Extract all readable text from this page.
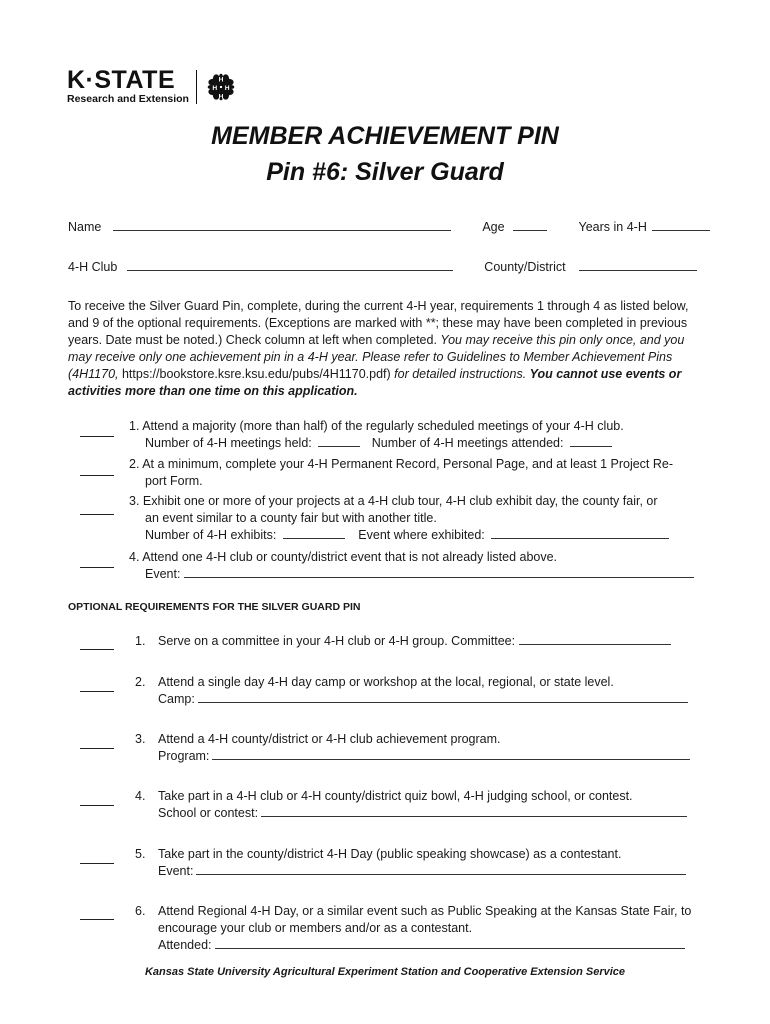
K·STATE
Research and Extension
H
H
H
H
MEMBER ACHIEVEMENT PIN
Pin #6: Silver Guard
Name	Age	Years in 4-H
4-H Club	County/District
To receive the Silver Guard Pin, complete, during the current 4-H year, requirements 1 through 4 as listed below, and 9 of the optional requirements. (Exceptions are marked with **; these may have been completed in previous years. Date must be noted.) Check column at left when completed. You may receive this pin only once, and you may receive only one achievement pin in a 4-H year. Please refer to Guidelines to Member Achievement Pins (4H1170, https://bookstore.ksre.ksu.edu/pubs/4H1170.pdf) for detailed instructions. You cannot use events or activities more than one time on this application.
1. Attend a majority (more than half) of the regularly scheduled meetings of your 4-H club.
Number of 4-H meetings held:	Number of 4-H meetings attended:
2. At a minimum, complete your 4-H Permanent Record, Personal Page, and at least 1 Project Re-
port Form.
3. Exhibit one or more of your projects at a 4-H club tour, 4-H club exhibit day, the county fair, or
an event similar to a county fair but with another title.
Number of 4-H exhibits:	Event where exhibited:
4. Attend one 4-H club or county/district event that is not already listed above.
Event:
OPTIONAL REQUIREMENTS FOR THE SILVER GUARD PIN
1. Serve on a committee in your 4-H club or 4-H group. Committee:
2. Attend a single day 4-H day camp or workshop at the local, regional, or state level.
Camp:
3. Attend a 4-H county/district or 4-H club achievement program.
Program:
4. Take part in a 4-H club or 4-H county/district quiz bowl, 4-H judging school, or contest.
School or contest:
5. Take part in the county/district 4-H Day (public speaking showcase) as a contestant.
Event:
6. Attend Regional 4-H Day, or a similar event such as Public Speaking at the Kansas State Fair, to
encourage your club or members and/or as a contestant.
Attended:
Kansas State University Agricultural Experiment Station and Cooperative Extension Service
